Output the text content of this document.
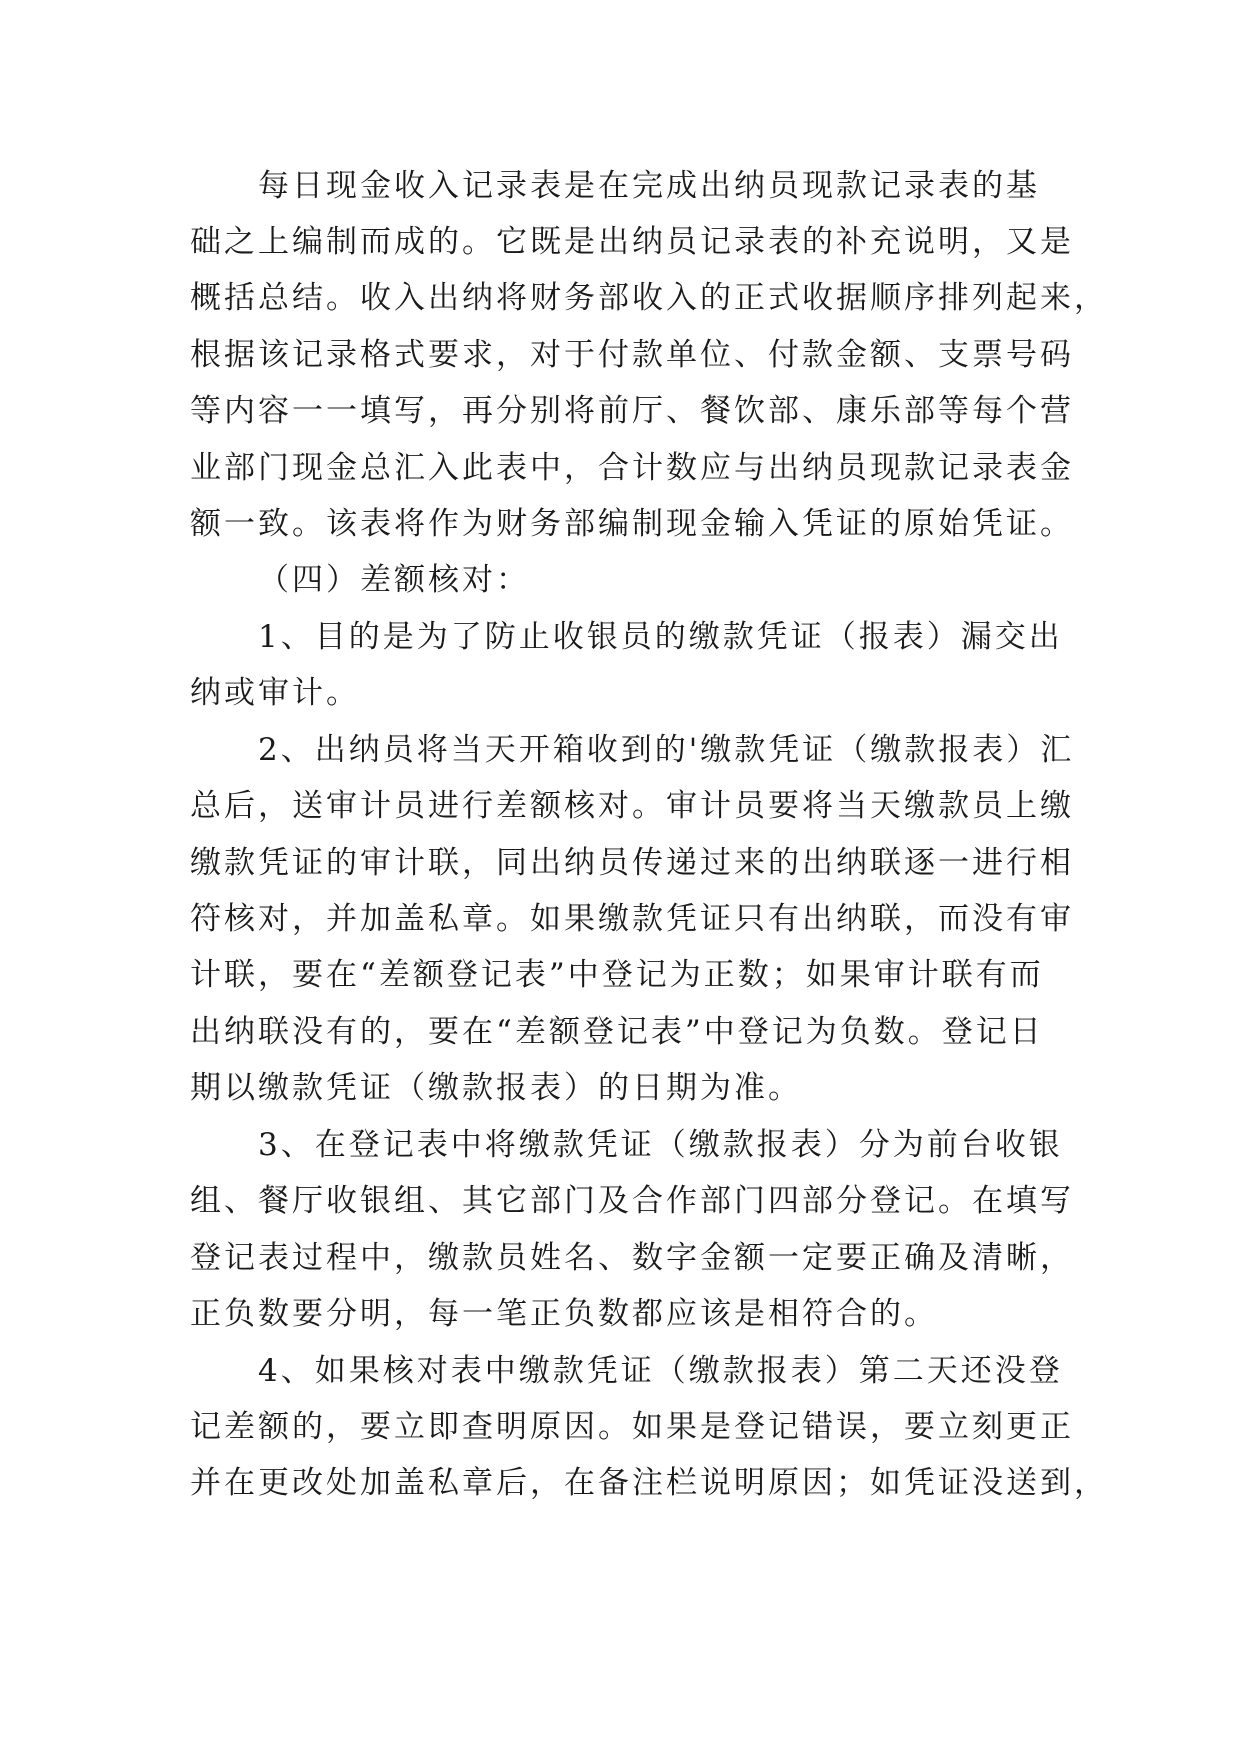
每日现金收入记录表是在完成出纳员现款记录表的基
础之上编制而成的。它既是出纳员记录表的补充说明，又是
概括总结。收入出纳将财务部收入的正式收据顺序排列起来，
根据该记录格式要求，对于付款单位、付款金额、支票号码
等内容一一填写，再分别将前厅、餐饮部、康乐部等每个营
业部门现金总汇入此表中，合计数应与出纳员现款记录表金
额一致。该表将作为财务部编制现金输入凭证的原始凭证。
（四）差额核对：
1、目的是为了防止收银员的缴款凭证（报表）漏交出
纳或审计。
2、出纳员将当天开箱收到的'缴款凭证（缴款报表）汇
总后，送审计员进行差额核对。审计员要将当天缴款员上缴
缴款凭证的审计联，同出纳员传递过来的出纳联逐一进行相
符核对，并加盖私章。如果缴款凭证只有出纳联，而没有审
计联，要在“差额登记表”中登记为正数；如果审计联有而
出纳联没有的，要在“差额登记表”中登记为负数。登记日
期以缴款凭证（缴款报表）的日期为准。
3、在登记表中将缴款凭证（缴款报表）分为前台收银
组、餐厅收银组、其它部门及合作部门四部分登记。在填写
登记表过程中，缴款员姓名、数字金额一定要正确及清晰，
正负数要分明，每一笔正负数都应该是相符合的。
4、如果核对表中缴款凭证（缴款报表）第二天还没登
记差额的，要立即查明原因。如果是登记错误，要立刻更正
并在更改处加盖私章后，在备注栏说明原因；如凭证没送到，
